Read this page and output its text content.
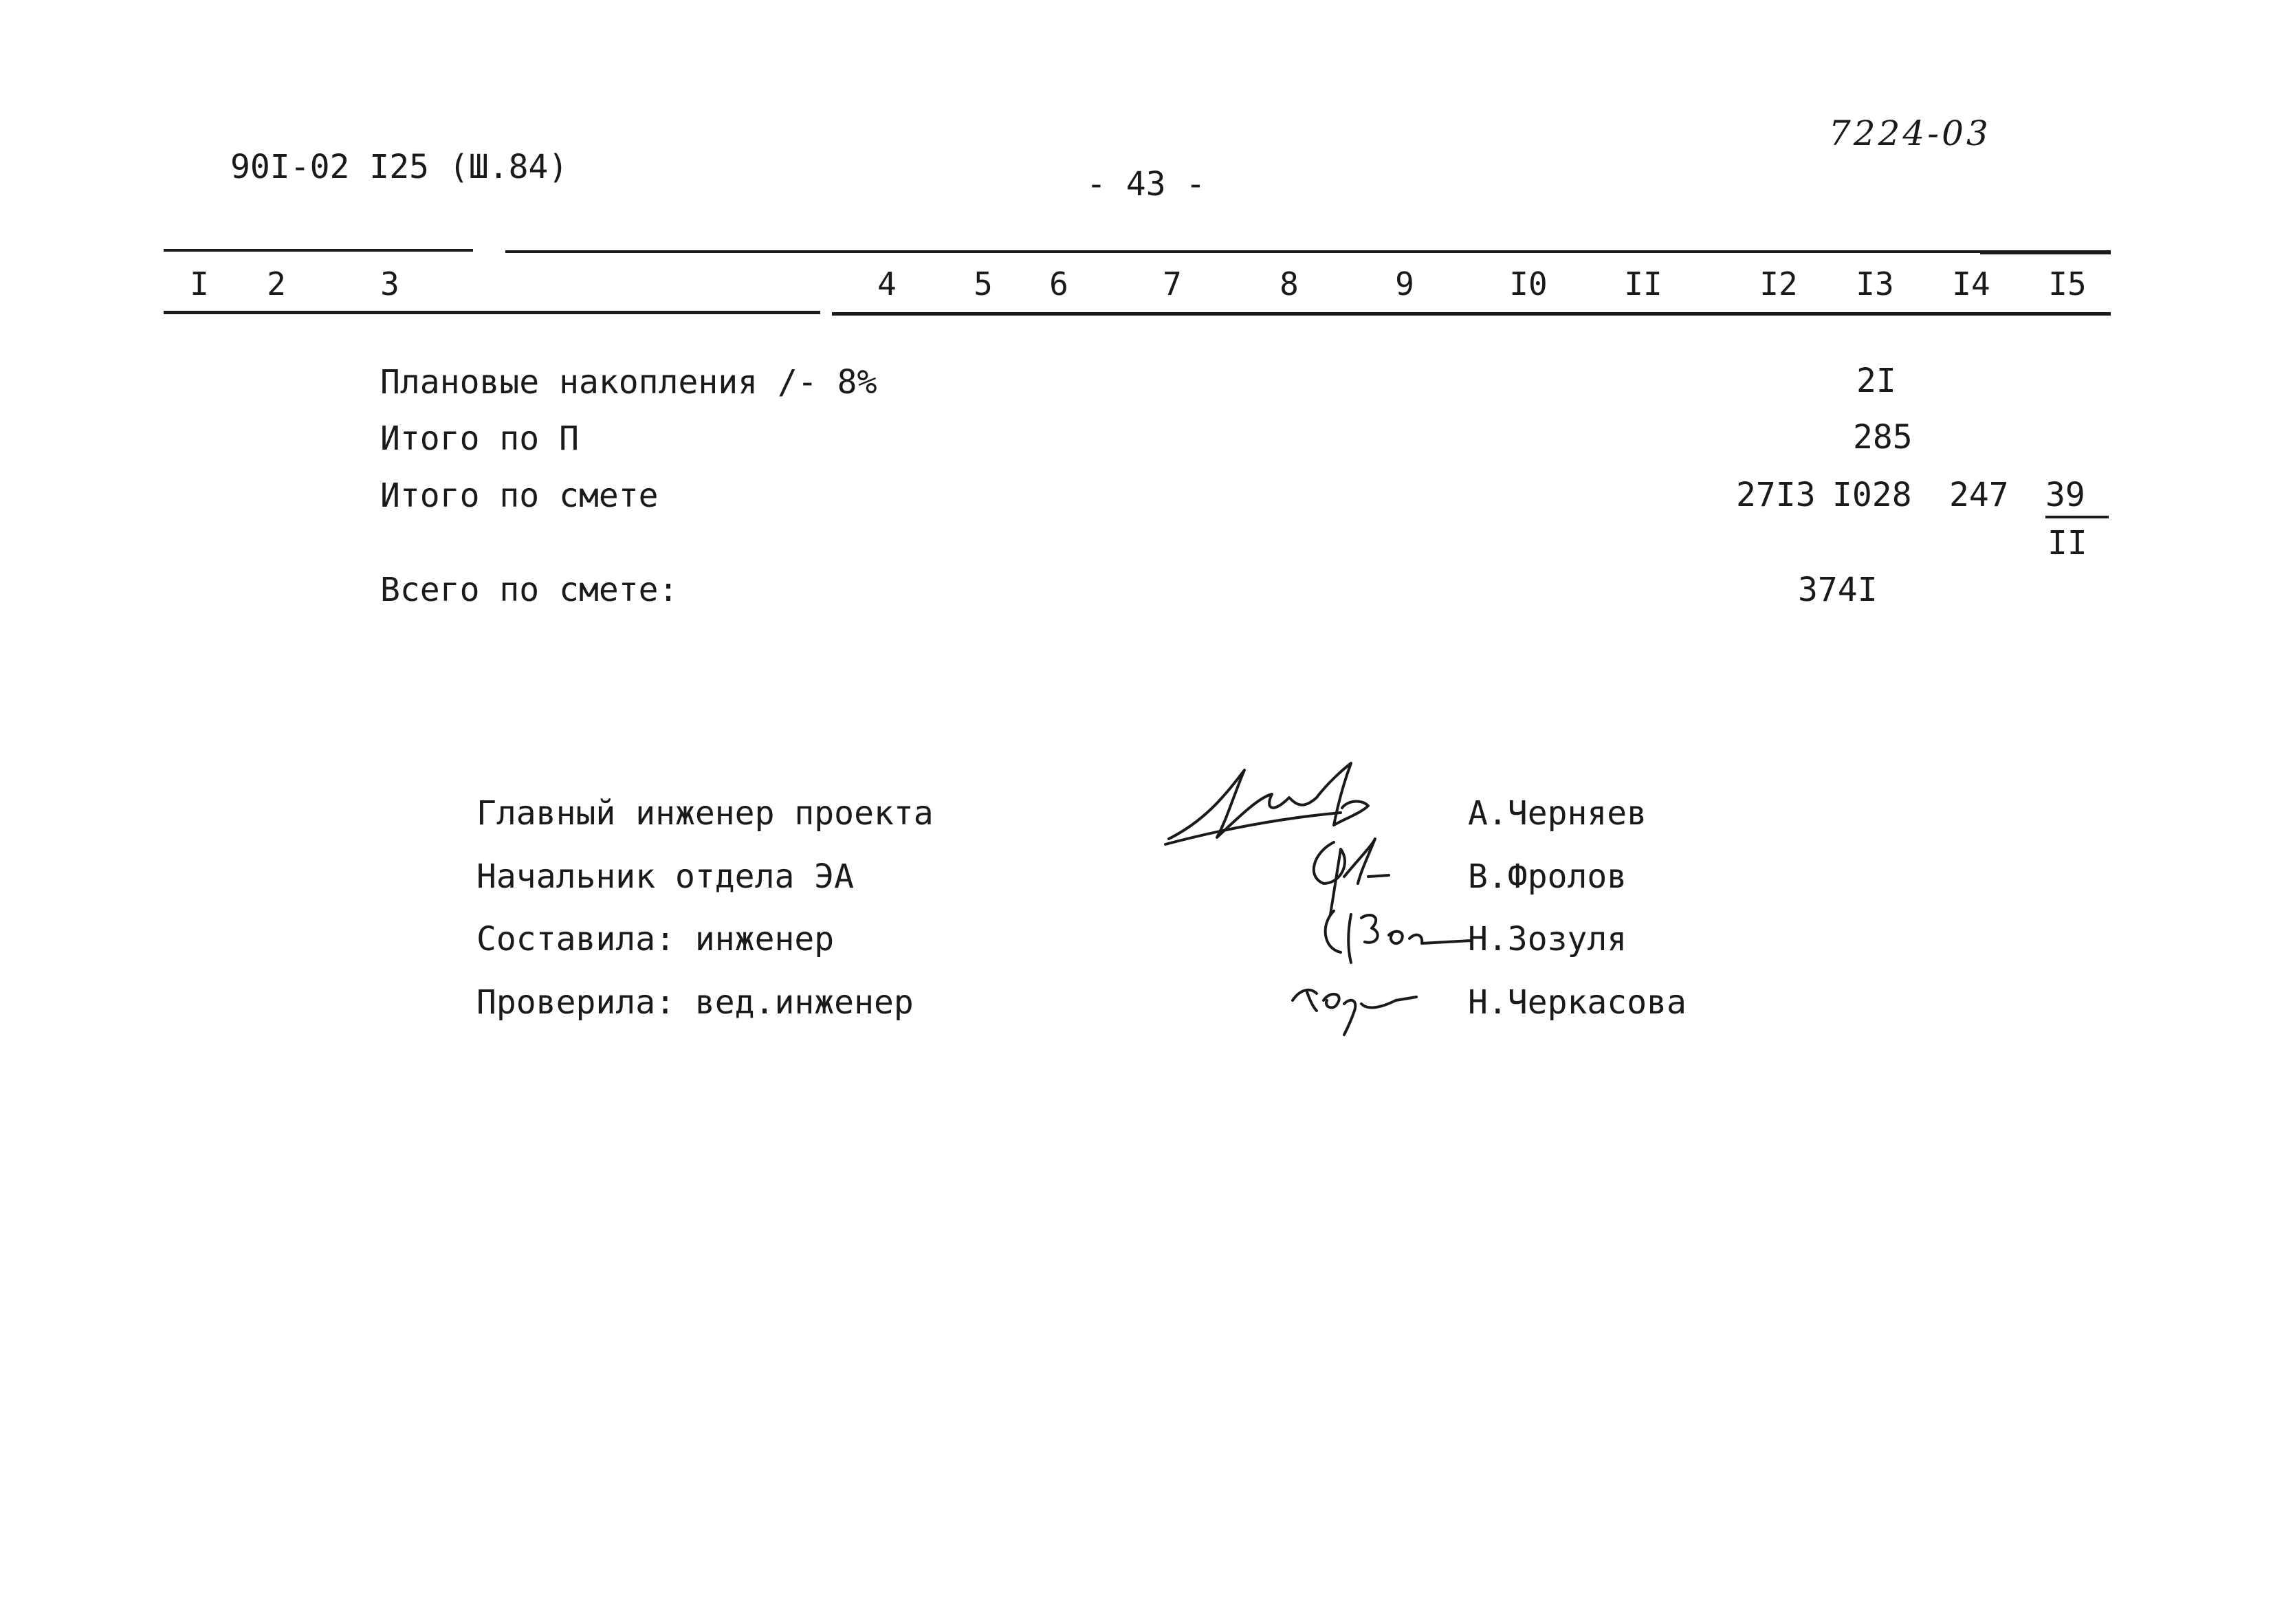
90I-02 I25 (Ш.84)	- 43 -
7224-03
I	2	3	4	5	6	7	8	9	I0	II	I2	I3	I4	I5
Плановые накопления /- 8%	2I
Итого по П	285
Итого по смете	27I3 I028 247 39
II
Всего по смете:	374I
Главный инженер проекта	А.Черняев
Начальник отдела ЭА	В.Фролов
Составила: инженер	Н.Зозуля
Проверила: вед.инженер	Н.Черкасова
